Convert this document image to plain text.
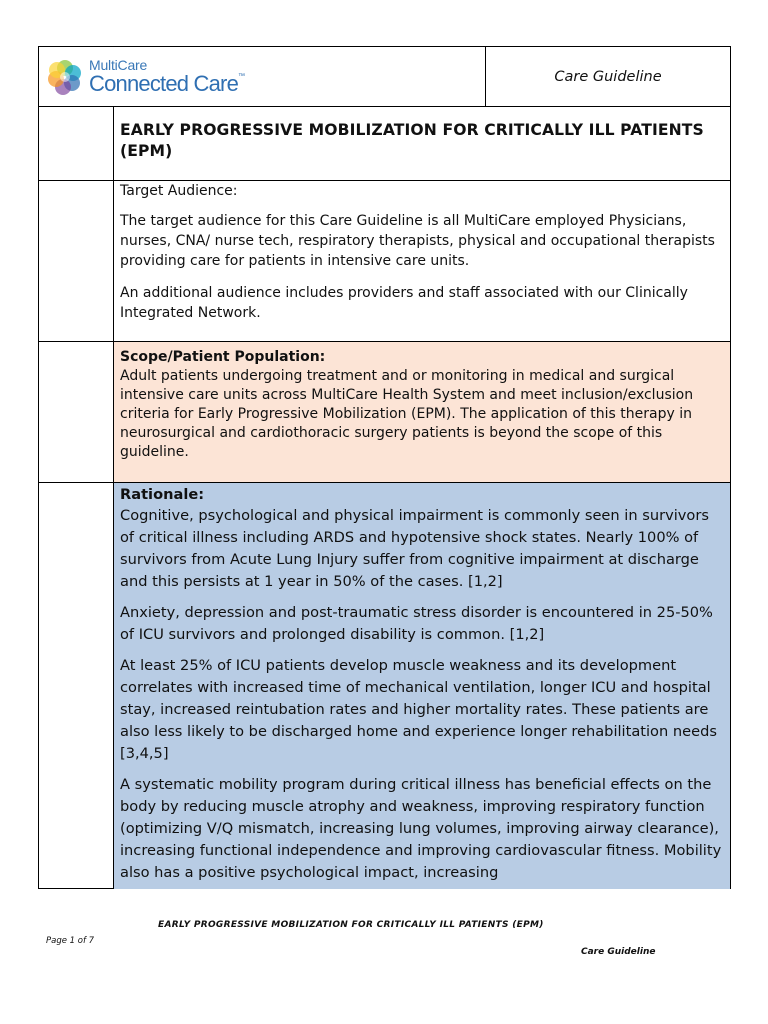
MultiCare
Connected Care™	Care Guideline
EARLY PROGRESSIVE MOBILIZATION FOR CRITICALLY ILL PATIENTS (EPM)
Target Audience:
The target audience for this Care Guideline is all MultiCare employed Physicians, nurses, CNA/ nurse tech, respiratory therapists, physical and occupational therapists providing care for patients in intensive care units.
An additional audience includes providers and staff associated with our Clinically Integrated Network.
Scope/Patient Population:
Adult patients undergoing treatment and or monitoring in medical and surgical intensive care units across MultiCare Health System and meet inclusion/exclusion criteria for Early Progressive Mobilization (EPM). The application of this therapy in neurosurgical and cardiothoracic surgery patients is beyond the scope of this guideline.
Rationale:
Cognitive, psychological and physical impairment is commonly seen in survivors of critical illness including ARDS and hypotensive shock states. Nearly 100% of survivors from Acute Lung Injury suffer from cognitive impairment at discharge and this persists at 1 year in 50% of the cases. [1,2]
Anxiety, depression and post-traumatic stress disorder is encountered in 25-50% of ICU survivors and prolonged disability is common. [1,2]
At least 25% of ICU patients develop muscle weakness and its development correlates with increased time of mechanical ventilation, longer ICU and hospital stay, increased reintubation rates and higher mortality rates. These patients are also less likely to be discharged home and experience longer rehabilitation needs [3,4,5]
A systematic mobility program during critical illness has beneficial effects on the body by reducing muscle atrophy and weakness, improving respiratory function (optimizing V/Q mismatch, increasing lung volumes, improving airway clearance), increasing functional independence and improving cardiovascular fitness. Mobility also has a positive psychological impact, increasing
EARLY PROGRESSIVE MOBILIZATION FOR CRITICALLY ILL PATIENTS (EPM)
Page 1 of 7
Care Guideline
